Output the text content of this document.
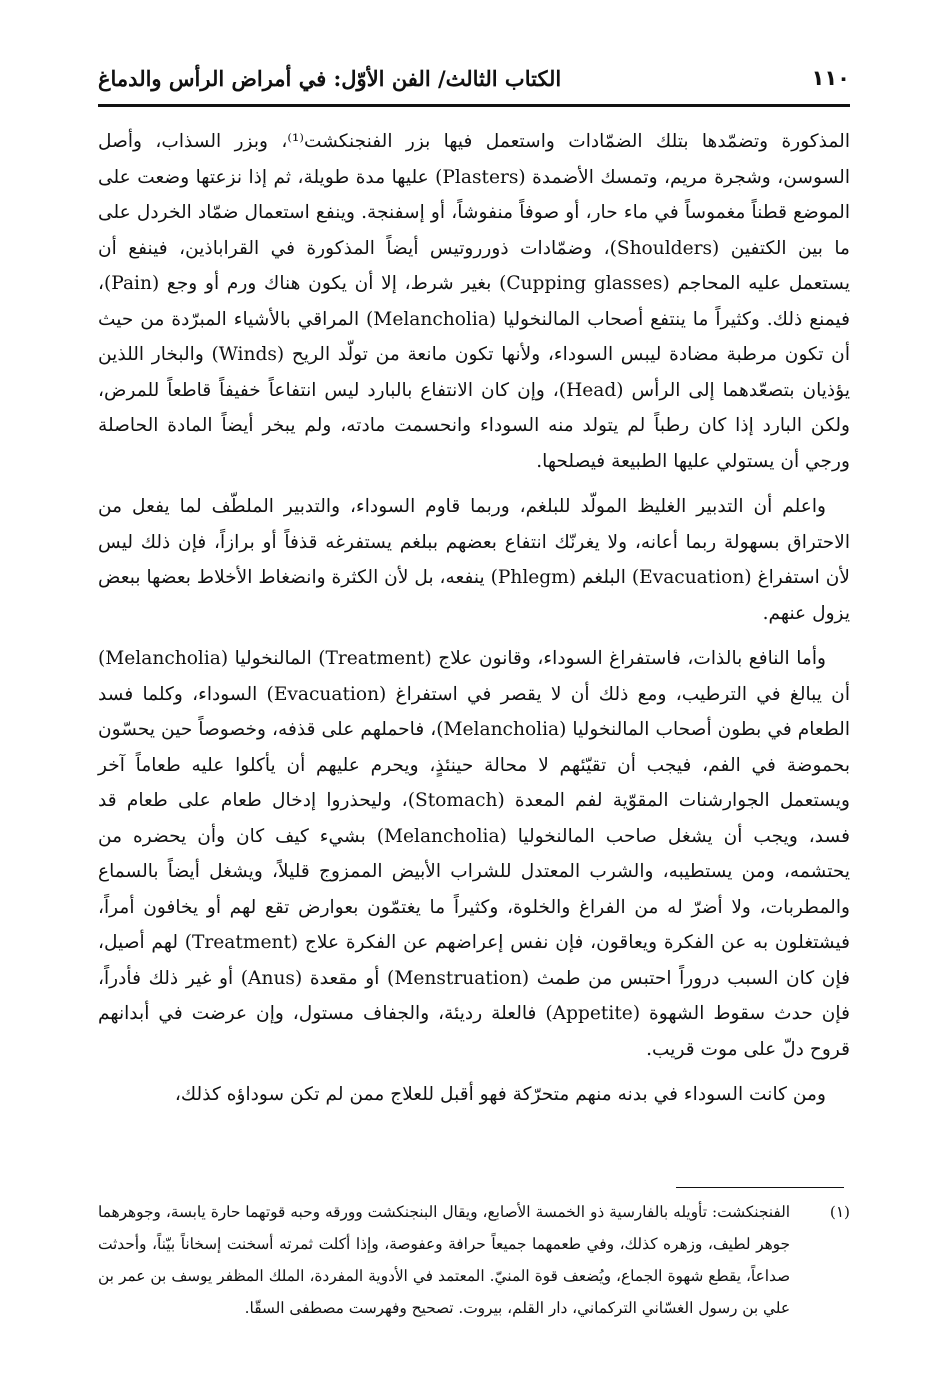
١١٠
الكتاب الثالث/ الفن الأوّل: في أمراض الرأس والدماغ

المذكورة وتضمّدها بتلك الضمّادات واستعمل فيها بزر الفنجنكشت⁽¹⁾، وبزر السذاب، وأصل السوسن، وشجرة مريم، وتمسك الأضمدة (Plasters) عليها مدة طويلة، ثم إذا نزعتها وضعت على الموضع قطناً مغموساً في ماء حار، أو صوفاً منفوشاً، أو إسفنجة. وينفع استعمال ضمّاد الخردل على ما بين الكتفين (Shoulders)، وضمّادات ذورروتيس أيضاً المذكورة في القراباذين، فينفع أن يستعمل عليه المحاجم (Cupping glasses) بغير شرط، إلا أن يكون هناك ورم أو وجع (Pain)، فيمنع ذلك. وكثيراً ما ينتفع أصحاب المالنخوليا (Melancholia) المراقي بالأشياء المبرّدة من حيث أن تكون مرطبة مضادة ليبس السوداء، ولأنها تكون مانعة من تولّد الريح (Winds) والبخار اللذين يؤذيان بتصعّدهما إلى الرأس (Head)، وإن كان الانتفاع بالبارد ليس انتفاعاً خفيفاً قاطعاً للمرض، ولكن البارد إذا كان رطباً لم يتولد منه السوداء وانحسمت مادته، ولم يبخر أيضاً المادة الحاصلة ورجي أن يستولي عليها الطبيعة فيصلحها.

واعلم أن التدبير الغليظ المولّد للبلغم، وربما قاوم السوداء، والتدبير الملطّف لما يفعل من الاحتراق بسهولة ربما أعانه، ولا يغرنّك انتفاع بعضهم ببلغم يستفرغه قذفاً أو برازاً، فإن ذلك ليس لأن استفراغ (Evacuation) البلغم (Phlegm) ينفعه، بل لأن الكثرة وانضغاط الأخلاط بعضها ببعض يزول عنهم.

وأما النافع بالذات، فاستفراغ السوداء، وقانون علاج (Treatment) المالنخوليا (Melancholia) أن يبالغ في الترطيب، ومع ذلك أن لا يقصر في استفراغ (Evacuation) السوداء، وكلما فسد الطعام في بطون أصحاب المالنخوليا (Melancholia)، فاحملهم على قذفه، وخصوصاً حين يحسّون بحموضة في الفم، فيجب أن تقيّئهم لا محالة حينئذٍ، ويحرم عليهم أن يأكلوا عليه طعاماً آخر ويستعمل الجوارشنات المقوّية لفم المعدة (Stomach)، وليحذروا إدخال طعام على طعام قد فسد، ويجب أن يشغل صاحب المالنخوليا (Melancholia) بشيء كيف كان وأن يحضره من يحتشمه، ومن يستطيبه، والشرب المعتدل للشراب الأبيض الممزوج قليلاً، ويشغل أيضاً بالسماع والمطربات، ولا أضرّ له من الفراغ والخلوة، وكثيراً ما يغتمّون بعوارض تقع لهم أو يخافون أمراً، فيشتغلون به عن الفكرة ويعاقون، فإن نفس إعراضهم عن الفكرة علاج (Treatment) لهم أصيل، فإن كان السبب دروراً احتبس من طمث (Menstruation) أو مقعدة (Anus) أو غير ذلك فأدراً، فإن حدث سقوط الشهوة (Appetite) فالعلة رديئة، والجفاف مستول، وإن عرضت في أبدانهم قروح دلّ على موت قريب.

ومن كانت السوداء في بدنه منهم متحرّكة فهو أقبل للعلاج ممن لم تكن سوداؤه كذلك،

(١)
الفنجنكشت: تأويله بالفارسية ذو الخمسة الأصابع، ويقال البنجنكشت وورقه وحبه قوتهما حارة يابسة، وجوهرهما جوهر لطيف، وزهره كذلك، وفي طعمهما جميعاً حرافة وعفوصة، وإذا أكلت ثمرته أسخنت إسخاناً بيّناً، وأحدثت صداعاً، يقطع شهوة الجماع، ويُضعف قوة المنيّ. المعتمد في الأدوية المفردة، الملك المظفر يوسف بن عمر بن علي بن رسول الغسّاني التركماني، دار القلم، بيروت. تصحيح وفهرست مصطفى السقّا.
